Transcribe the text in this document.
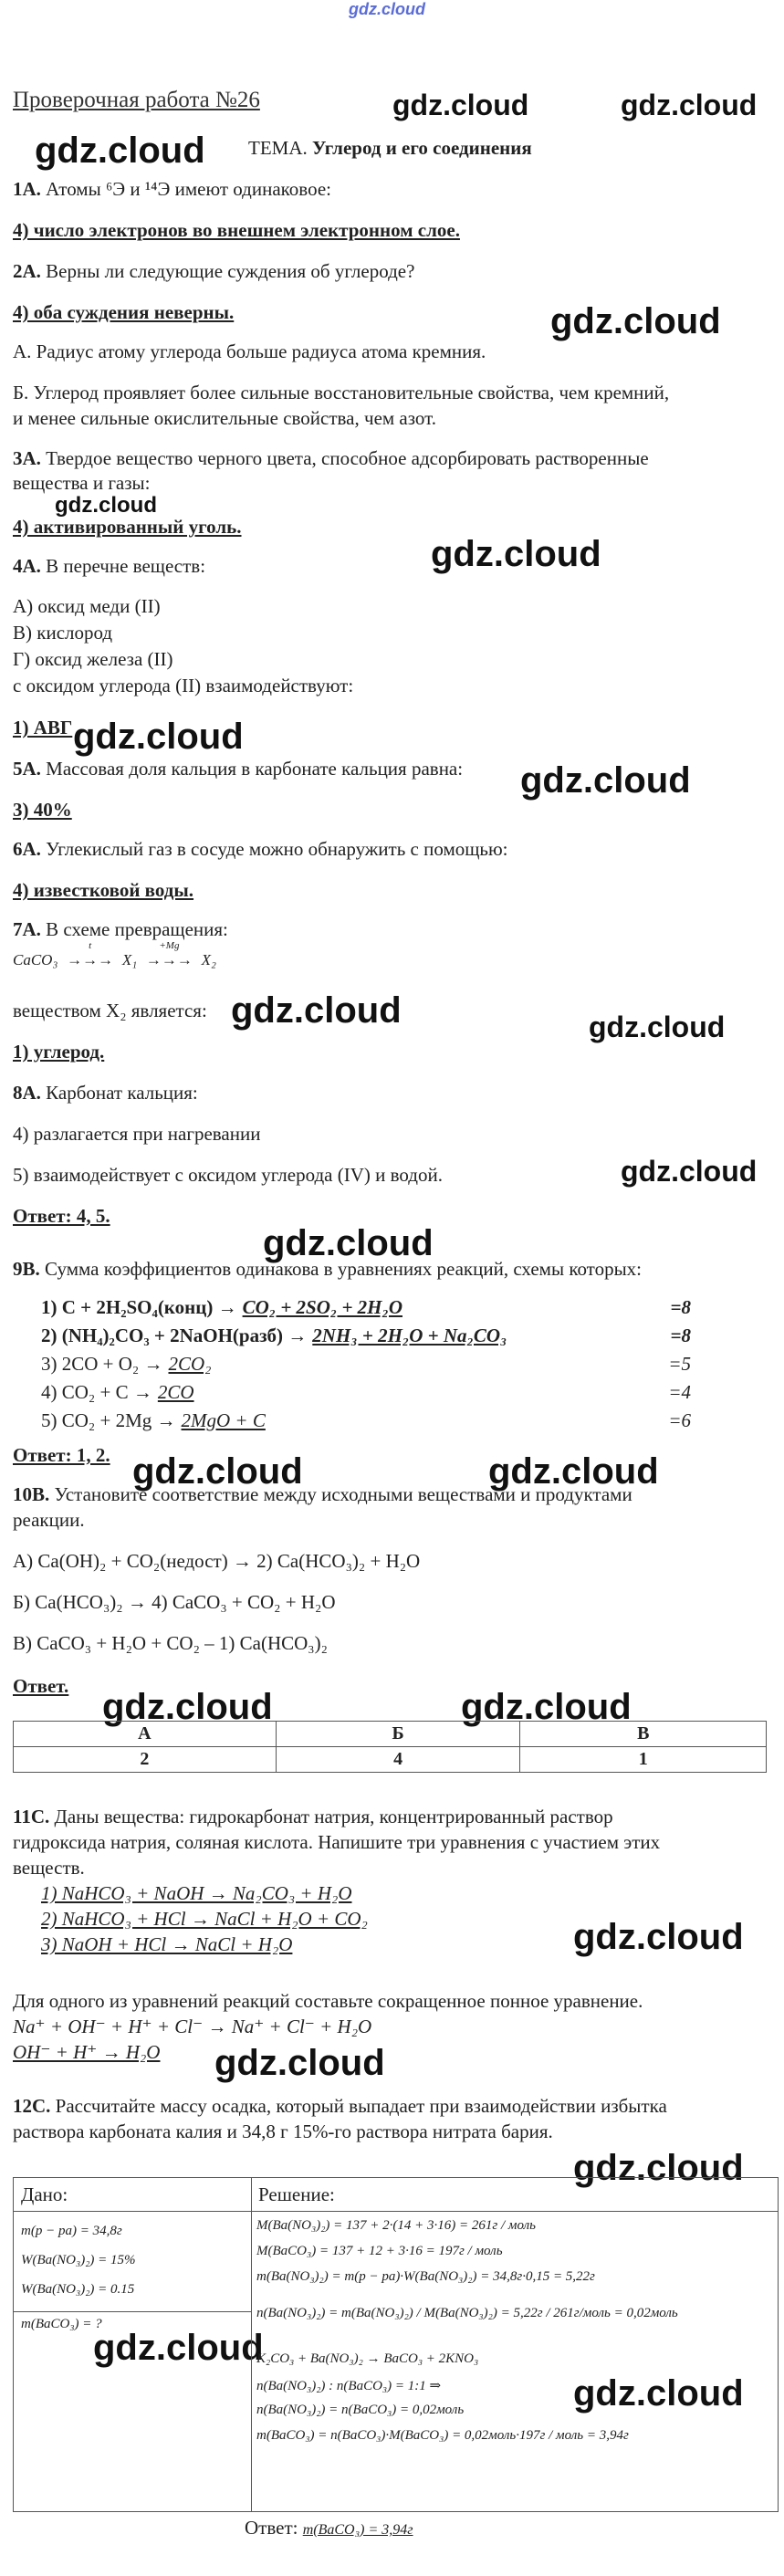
gdz.cloud
Проверочная работа №26
ТЕМА. Углерод и его соединения
gdz.cloud	gdz.cloud
gdz.cloud
gdz.cloud
gdz.cloud
gdz.cloud
gdz.cloud
gdz.cloud
gdz.cloud	gdz.cloud
gdz.cloud
gdz.cloud
gdz.cloud	gdz.cloud
gdz.cloud	gdz.cloud
gdz.cloud
gdz.cloud
gdz.cloud
gdz.cloud
gdz.cloud
1A. Атомы ⁶Э и ¹⁴Э имеют одинаковое:
4) число электронов во внешнем электронном слое.
2A. Верны ли следующие суждения об углероде?
4) оба суждения неверны.
А. Радиус атому углерода больше радиуса атома кремния.
Б. Углерод проявляет более сильные восстановительные свойства, чем кремний,
и менее сильные окислительные свойства, чем азот.
3A. Твердое вещество черного цвета, способное адсорбировать растворенные
вещества и газы:
4) активированный уголь.
4A. В перечне веществ:
А) оксид меди (II)
В) кислород
Г) оксид железа (II)
с оксидом углерода (II) взаимодействуют:
1) АВГ
5A. Массовая доля кальция в карбонате кальция равна:
3) 40%
6A. Углекислый газ в сосуде можно обнаружить с помощью:
4) известковой воды.
7A. В схеме превращения:
CaCO₃
t
→→→ X₁
+Mg
→→→ X₂
веществом X₂ является:
1) углерод.
8A. Карбонат кальция:
4) разлагается при нагревании
5) взаимодействует с оксидом углерода (IV) и водой.
Ответ: 4, 5.
9B. Сумма коэффициентов одинакова в уравнениях реакций, схемы которых:
1) C + 2H₂SO₄(конц) → CO₂ + 2SO₂ + 2H₂O	=8
2) (NH₄)₂CO₃ + 2NaOH(разб) → 2NH₃ + 2H₂O + Na₂CO₃	=8
3) 2CO + O₂ → 2CO₂	=5
4) CO₂ + C → 2CO	=4
5) CO₂ + 2Mg → 2MgO + C	=6
Ответ: 1, 2.
10B. Установите соответствие между исходными веществами и продуктами
реакции.
А) Ca(OH)₂ + CO₂(недост) → 2) Ca(HCO₃)₂ + H₂O
Б) Ca(HCO₃)₂ → 4) CaCO₃ + CO₂ + H₂O
В) CaCO₃ + H₂O + CO₂ – 1) Ca(HCO₃)₂
Ответ.
А	Б	В
2	4	1
11C. Даны вещества: гидрокарбонат натрия, концентрированный раствор
гидроксида натрия, соляная кислота. Напишите три уравнения с участием этих
веществ.
1) NaHCO₃ + NaOH → Na₂CO₃ + H₂O
2) NaHCO₃ + HCl → NaCl + H₂O + CO₂
3) NaOH + HCl → NaCl + H₂O
Для одного из уравнений реакций составьте сокращенное понное уравнение.
Na⁺ + OH⁻ + H⁺ + Cl⁻ → Na⁺ + Cl⁻ + H₂O
OH⁻ + H⁺ → H₂O
12C. Рассчитайте массу осадка, который выпадает при взаимодействии избытка
раствора карбоната калия и 34,8 г 15%-го раствора нитрата бария.
Дано:	Решение:
m(p − pa) = 34,8г
W(Ba(NO₃)₂) = 15%
W(Ba(NO₃)₂) = 0.15
m(BaCO₃) = ?
M(Ba(NO₃)₂) = 137 + 2·(14 + 3·16) = 261г / моль
M(BaCO₃) = 137 + 12 + 3·16 = 197г / моль
m(Ba(NO₃)₂) = m(p − pa)·W(Ba(NO₃)₂) = 34,8г·0,15 = 5,22г
n(Ba(NO₃)₂) = m(Ba(NO₃)₂) / M(Ba(NO₃)₂) = 5,22г / 261г/моль = 0,02моль
K₂CO₃ + Ba(NO₃)₂ → BaCO₃ + 2KNO₃
n(Ba(NO₃)₂) : n(BaCO₃) = 1:1 ⇒
n(Ba(NO₃)₂) = n(BaCO₃) = 0,02моль
m(BaCO₃) = n(BaCO₃)·M(BaCO₃) = 0,02моль·197г / моль = 3,94г
Ответ: m(BaCO₃) = 3,94г
